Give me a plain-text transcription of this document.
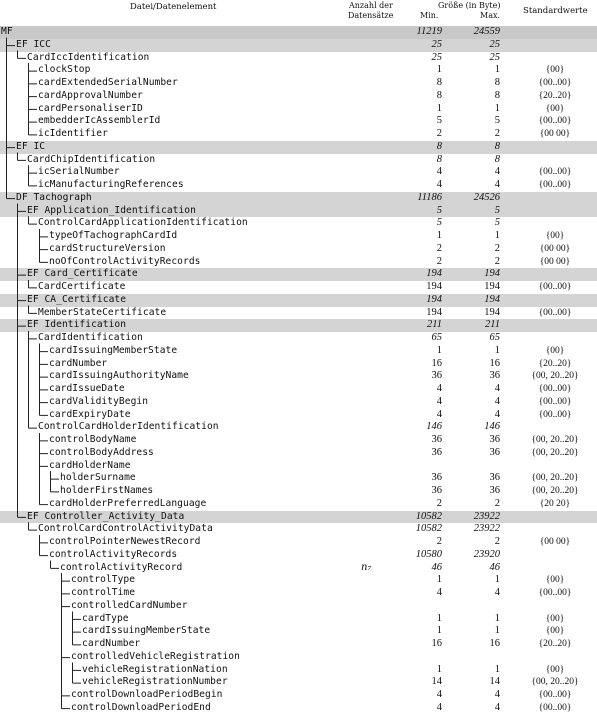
Datei/Datenelement	Anzahl der
Datensätze
Größe (in Byte)
Min.	Max.	Standardwerte
MF	11219	24559
EF ICC	25	25
CardIccIdentification	25	25
clockStop	1	1	{00}
cardExtendedSerialNumber	8	8	{00..00}
cardApprovalNumber	8	8	{20..20}
cardPersonaliserID	1	1	{00}
embedderIcAssemblerId	5	5	{00..00}
icIdentifier	2	2	{00 00}
EF IC	8	8
CardChipIdentification	8	8
icSerialNumber	4	4	{00..00}
icManufacturingReferences	4	4	{00..00}
DF Tachograph	11186	24526
EF Application_Identification	5	5
ControlCardApplicationIdentification	5	5
typeOfTachographCardId	1	1	{00}
cardStructureVersion	2	2	{00 00}
noOfControlActivityRecords	2	2	{00 00}
EF Card_Certificate	194	194
CardCertificate	194	194	{00..00}
EF CA_Certificate	194	194
MemberStateCertificate	194	194	{00..00}
EF Identification	211	211
CardIdentification	65	65
cardIssuingMemberState	1	1	{00}
cardNumber	16	16	{20..20}
cardIssuingAuthorityName	36	36	{00, 20..20}
cardIssueDate	4	4	{00..00}
cardValidityBegin	4	4	{00..00}
cardExpiryDate	4	4	{00..00}
ControlCardHolderIdentification	146	146
controlBodyName	36	36	{00, 20..20}
controlBodyAddress	36	36	{00, 20..20}
cardHolderName
holderSurname	36	36	{00, 20..20}
holderFirstNames	36	36	{00, 20..20}
cardHolderPreferredLanguage	2	2	{20 20}
EF Controller_Activity_Data	10582	23922
ControlCardControlActivityData	10582	23922
controlPointerNewestRecord	2	2	{00 00}
controlActivityRecords	10580	23920
controlActivityRecord	n₇	46	46
controlType	1	1	{00}
controlTime	4	4	{00..00}
controlledCardNumber
cardType	1	1	{00}
cardIssuingMemberState	1	1	{00}
cardNumber	16	16	{20..20}
controlledVehicleRegistration
vehicleRegistrationNation	1	1	{00}
vehicleRegistrationNumber	14	14	{00, 20..20}
controlDownloadPeriodBegin	4	4	{00..00}
controlDownloadPeriodEnd	4	4	{00..00}
